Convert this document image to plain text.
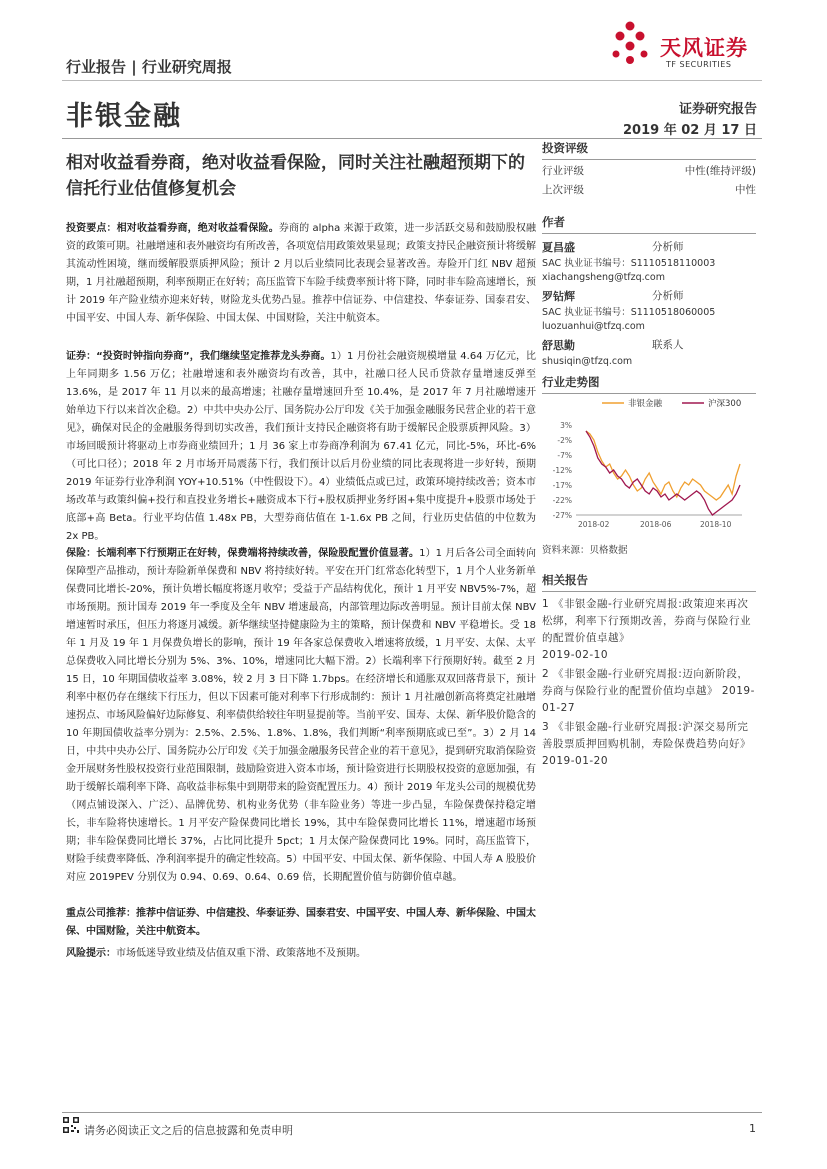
天风证券
TF SECURITIES
行业报告 | 行业研究周报
非银金融	证券研究报告
2019 年 02 月 17 日
相对收益看券商，绝对收益看保险，同时关注社融超预期下的信托行业估值修复机会
投资要点：相对收益看券商，绝对收益看保险。券商的 alpha 来源于政策，进一步活跃交易和鼓励股权融资的政策可期。社融增速和表外融资均有所改善，各项宽信用政策效果显现；政策支持民企融资预计将缓解其流动性困境，继而缓解股票质押风险；预计 2 月以后业绩同比表现会显著改善。寿险开门红 NBV 超预期，1 月社融超预期，利率预期正在好转；高压监管下车险手续费率预计将下降，同时非车险高速增长，预计 2019 年产险业绩亦迎来好转，财险龙头优势凸显。推荐中信证券、中信建投、华泰证券、国泰君安、中国平安、中国人寿、新华保险、中国太保、中国财险，关注中航资本。
证券：“投资时钟指向券商”，我们继续坚定推荐龙头券商。1）1 月份社会融资规模增量 4.64 万亿元，比上年同期多 1.56 万亿；社融增速和表外融资均有改善，其中，社融口径人民币贷款存量增速反弹至 13.6%，是 2017 年 11 月以来的最高增速；社融存量增速回升至 10.4%，是 2017 年 7 月社融增速开始单边下行以来首次企稳。2）中共中央办公厅、国务院办公厅印发《关于加强金融服务民营企业的若干意见》，确保对民企的金融服务得到切实改善，我们预计支持民企融资将有助于缓解民企股票质押风险。3）市场回暖预计将驱动上市券商业绩回升；1 月 36 家上市券商净利润为 67.41 亿元，同比-5%，环比-6%（可比口径）；2018 年 2 月市场开局震荡下行，我们预计以后月份业绩的同比表现将进一步好转，预期 2019 年证券行业净利润 YOY+10.51%（中性假设下）。4）业绩低点或已过，政策环境持续改善；资本市场改革与政策纠偏+投行和直投业务增长+融资成本下行+股权质押业务纾困+集中度提升+股票市场处于底部+高 Beta。行业平均估值 1.48x PB，大型券商估值在 1-1.6x PB 之间，行业历史估值的中位数为 2x PB。
保险：长端利率下行预期正在好转，保费端将持续改善，保险股配置价值显著。1）1 月后各公司全面转向保障型产品推动，预计寿险新单保费和 NBV 将持续好转。平安在开门红常态化转型下，1 月个人业务新单保费同比增长-20%，预计负增长幅度将逐月收窄；受益于产品结构优化，预计 1 月平安 NBV5%-7%，超市场预期。预计国寿 2019 年一季度及全年 NBV 增速最高，内部管理边际改善明显。预计目前太保 NBV 增速暂时承压，但压力将逐月减缓。新华继续坚持健康险为主的策略，预计保费和 NBV 平稳增长。受 18 年 1 月及 19 年 1 月保费负增长的影响，预计 19 年各家总保费收入增速将放缓，1 月平安、太保、太平总保费收入同比增长分别为 5%、3%、10%，增速同比大幅下滑。2）长端利率下行预期好转。截至 2 月 15 日，10 年期国债收益率 3.08%，较 2 月 3 日下降 1.7bps。在经济增长和通胀双双回落背景下，预计利率中枢仍存在继续下行压力，但以下因素可能对利率下行形成制约：预计 1 月社融创新高将奠定社融增速拐点、市场风险偏好边际修复、利率债供给较往年明显提前等。当前平安、国寿、太保、新华股价隐含的 10 年期国债收益率分别为：2.5%、2.5%、1.8%、1.8%，我们判断“利率预期底或已至”。3）2 月 14 日，中共中央办公厅、国务院办公厅印发《关于加强金融服务民营企业的若干意见》，提到研究取消保险资金开展财务性股权投资行业范围限制，鼓励险资进入资本市场，预计险资进行长期股权投资的意愿加强，有助于缓解长端利率下降、高收益非标集中到期带来的险资配置压力。4）预计 2019 年龙头公司的规模优势（网点铺设深入、广泛）、品牌优势、机构业务优势（非车险业务）等进一步凸显，车险保费保持稳定增长，非车险将快速增长。1 月平安产险保费同比增长 19%，其中车险保费同比增长 11%，增速超市场预期；非车险保费同比增长 37%，占比同比提升 5pct；1 月太保产险保费同比 19%。同时，高压监管下，财险手续费率降低、净利润率提升的确定性较高。5）中国平安、中国太保、新华保险、中国人寿 A 股股价对应 2019PEV 分别仅为 0.94、0.69、0.64、0.69 倍，长期配置价值与防御价值卓越。
重点公司推荐：推荐中信证券、中信建投、华泰证券、国泰君安、中国平安、中国人寿、新华保险、中国太保、中国财险，关注中航资本。
风险提示：市场低迷导致业绩及估值双重下滑、政策落地不及预期。
投资评级
行业评级	中性(维持评级)
上次评级	中性
作者
夏昌盛	分析师
SAC 执业证书编号：S1110518110003
xiachangsheng@tfzq.com
罗钻辉	分析师
SAC 执业证书编号：S1110518060005
luozuanhui@tfzq.com
舒思勤	联系人
shusiqin@tfzq.com
行业走势图
非银金融	沪深300
3%
-2%
-7%
-12%
-17%
-22%
-27%
2018-02	2018-06	2018-10
资料来源：贝格数据
相关报告
1 《非银金融-行业研究周报:政策迎来再次松绑，利率下行预期改善，券商与保险行业的配置价值卓越》
2019-02-10
2 《非银金融-行业研究周报:迈向新阶段，券商与保险行业的配置价值均卓越》 2019-01-27
3 《非银金融-行业研究周报:沪深交易所完善股票质押回购机制，寿险保费趋势向好》 2019-01-20
请务必阅读正文之后的信息披露和免责申明	1
